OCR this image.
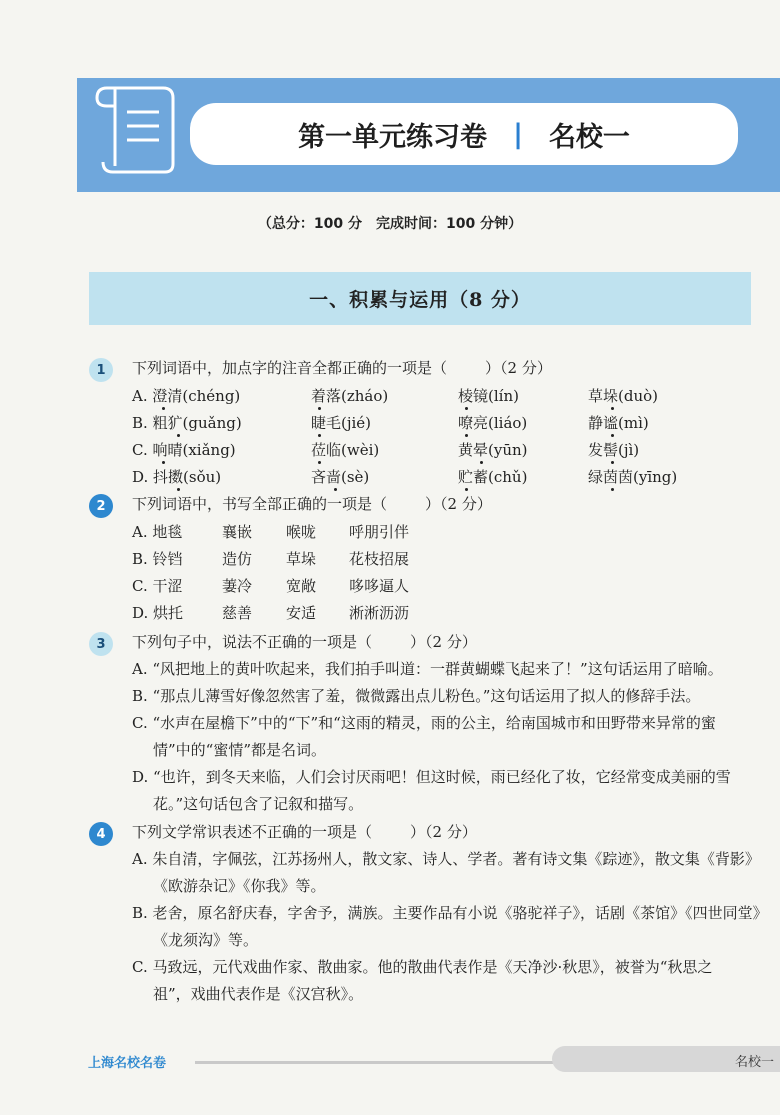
第一单元练习卷 | 名校一
（总分：100 分　完成时间：100 分钟）
一、积累与运用（8 分）
1	下列词语中，加点字的注音全都正确的一项是（	）（2 分）
A. 澄清(chéng)	着落(zháo)	棱镜(lín)	草垛(duò)
B. 粗犷(guǎng)	睫毛(jié)	嘹亮(liáo)	静谧(mì)
C. 响晴(xiǎng)	莅临(wèi)	黄晕(yūn)	发髻(jì)
D. 抖擞(sǒu)	吝啬(sè)	贮蓄(chǔ)	绿茵茵(yīng)
2	下列词语中，书写全部正确的一项是（	）（2 分）
A. 地毯	襄嵌 喉咙 呼朋引伴
B. 铃铛	造仿 草垛 花枝招展
C. 干涩	萋冷 宽敞 哆哆逼人
D. 烘托	慈善 安适 淅淅沥沥
3	下列句子中，说法不正确的一项是（	）（2 分）
A. “风把地上的黄叶吹起来，我们拍手叫道：一群黄蝴蝶飞起来了！”这句话运用了暗喻。
B. “那点儿薄雪好像忽然害了羞，微微露出点儿粉色。”这句话运用了拟人的修辞手法。
C. “水声在屋檐下”中的“下”和“这雨的精灵，雨的公主，给南国城市和田野带来异常的蜜
情”中的“蜜情”都是名词。
D. “也许，到冬天来临，人们会讨厌雨吧！但这时候，雨已经化了妆，它经常变成美丽的雪
花。”这句话包含了记叙和描写。
4	下列文学常识表述不正确的一项是（	）（2 分）
A. 朱自清，字佩弦，江苏扬州人，散文家、诗人、学者。著有诗文集《踪迹》，散文集《背影》
《欧游杂记》《你我》等。
B. 老舍，原名舒庆春，字舍予，满族。主要作品有小说《骆驼祥子》，话剧《茶馆》《四世同堂》
《龙须沟》等。
C. 马致远，元代戏曲作家、散曲家。他的散曲代表作是《天净沙·秋思》，被誉为“秋思之
祖”，戏曲代表作是《汉宫秋》。
上海名校名卷	名校一
